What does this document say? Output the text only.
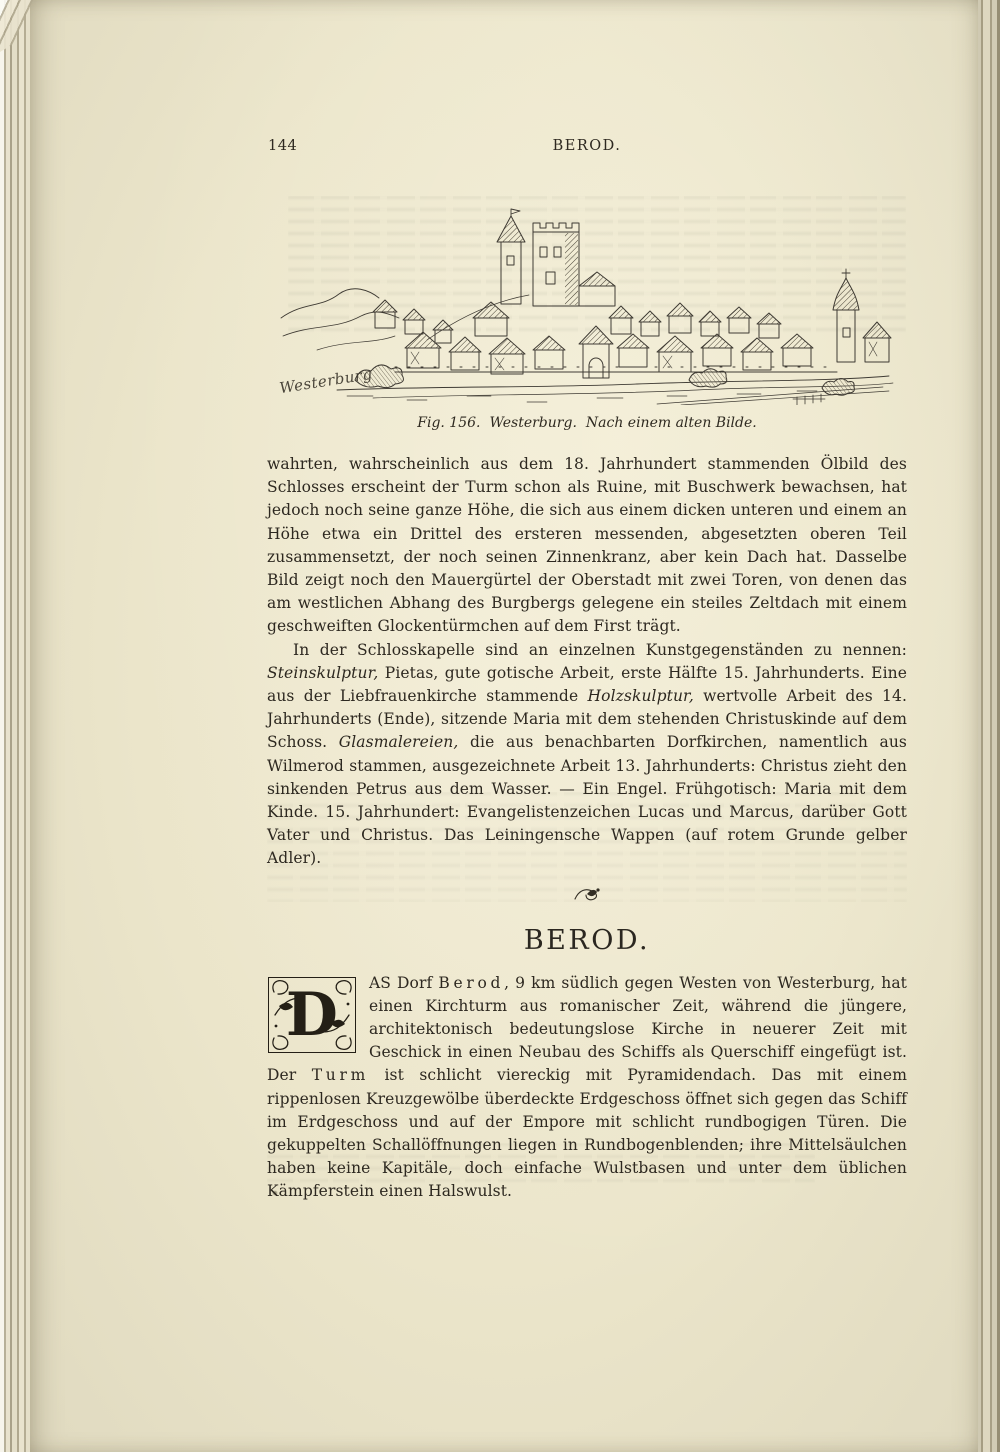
144	BEROD.
Westerburg
Fig. 156. Westerburg. Nach einem alten Bilde.

wahrten, wahrscheinlich aus dem 18. Jahrhundert stammenden Ölbild des Schlosses erscheint der Turm schon als Ruine, mit Buschwerk bewachsen, hat jedoch noch seine ganze Höhe, die sich aus einem dicken unteren und einem an Höhe etwa ein Drittel des ersteren messenden, abgesetzten oberen Teil zusammensetzt, der noch seinen Zinnenkranz, aber kein Dach hat. Dasselbe Bild zeigt noch den Mauergürtel der Oberstadt mit zwei Toren, von denen das am westlichen Abhang des Burgbergs gelegene ein steiles Zeltdach mit einem geschweiften Glockentürmchen auf dem First trägt.

In der Schlosskapelle sind an einzelnen Kunstgegenständen zu nennen: Steinskulptur, Pietas, gute gotische Arbeit, erste Hälfte 15. Jahrhunderts. Eine aus der Liebfrauenkirche stammende Holzskulptur, wertvolle Arbeit des 14. Jahrhunderts (Ende), sitzende Maria mit dem stehenden Christuskinde auf dem Schoss. Glasmalereien, die aus benachbarten Dorfkirchen, namentlich aus Wilmerod stammen, ausgezeichnete Arbeit 13. Jahrhunderts: Christus zieht den sinkenden Petrus aus dem Wasser. — Ein Engel. Frühgotisch: Maria mit dem Kinde. 15. Jahrhundert: Evangelistenzeichen Lucas und Marcus, darüber Gott Vater und Christus. Das Leiningensche Wappen (auf rotem Grunde gelber Adler).

BEROD.
D	AS Dorf Berod, 9 km südlich gegen Westen von Westerburg, hat einen Kirchturm aus romanischer Zeit, während die jüngere, architektonisch bedeutungslose Kirche in neuerer Zeit mit Geschick in einen Neubau des Schiffs als Querschiff eingefügt ist. Der Turm ist schlicht viereckig mit Pyramidendach. Das mit einem rippenlosen Kreuzgewölbe überdeckte Erdgeschoss öffnet sich gegen das Schiff im Erdgeschoss und auf der Empore mit schlicht rundbogigen Türen. Die gekuppelten Schallöffnungen liegen in Rundbogenblenden; ihre Mittelsäulchen haben keine Kapitäle, doch einfache Wulstbasen und unter dem üblichen Kämpferstein einen Halswulst.
